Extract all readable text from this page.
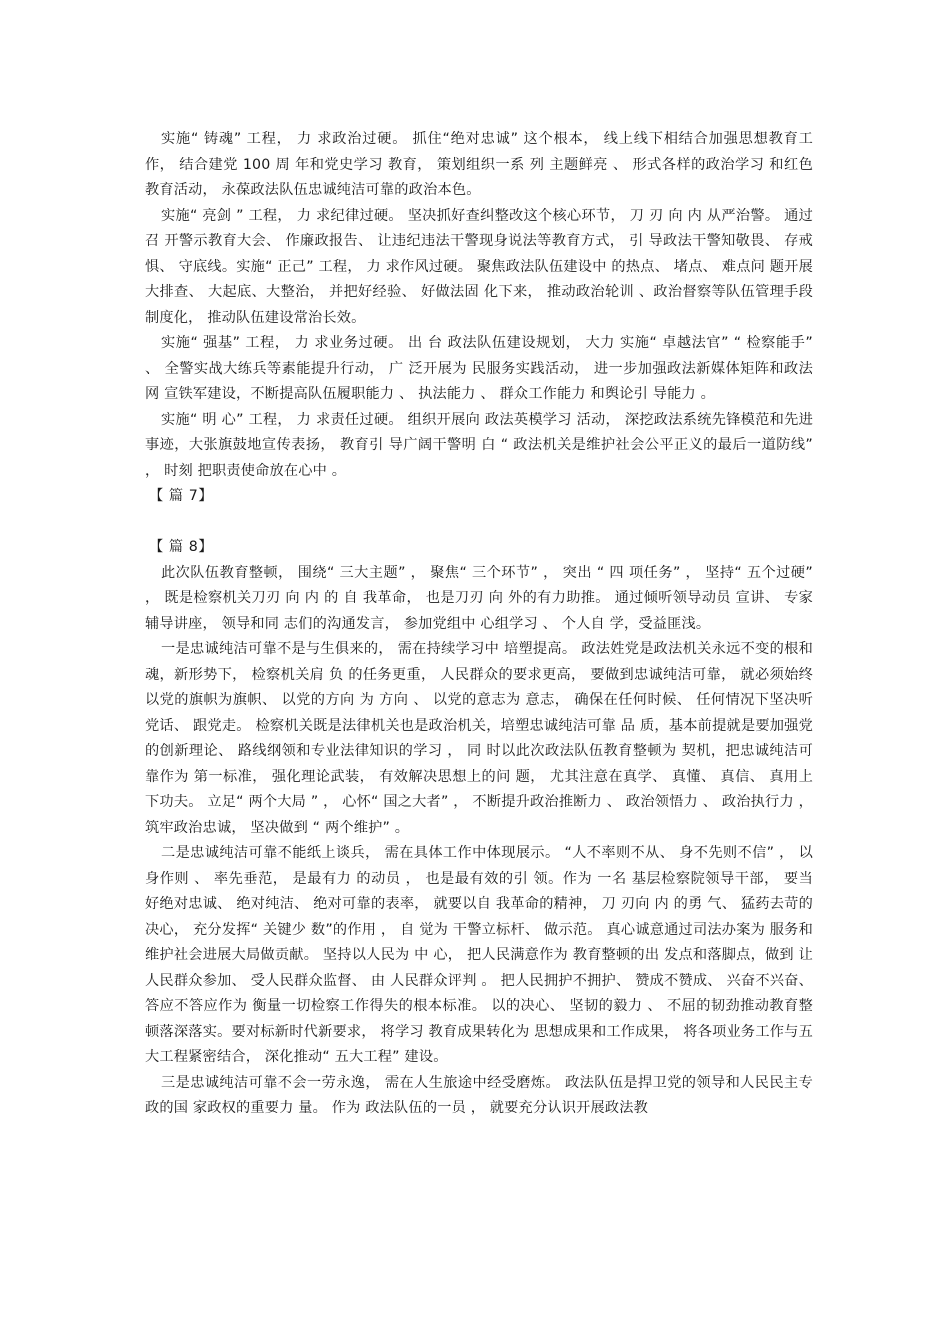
实施“ 铸魂” 工程， 力 求政治过硬。 抓住“绝对忠诚” 这个根本， 线上线下相结合加强思想教育工作， 结合建党 100 周 年和党史学习 教育， 策划组织一系 列 主题鲜亮 、 形式各样的政治学习 和红色教育活动， 永葆政法队伍忠诚纯洁可靠的政治本色。

实施“ 亮剑 ” 工程， 力 求纪律过硬。 坚决抓好查纠整改这个核心环节， 刀 刃 向 内 从严治警。 通过召 开警示教育大会、 作廉政报告、 让违纪违法干警现身说法等教育方式， 引 导政法干警知敬畏、 存戒惧、 守底线。实施“ 正己” 工程， 力 求作风过硬。 聚焦政法队伍建设中 的热点、 堵点、 难点问 题开展大排查、 大起底、大整治， 并把好经验、 好做法固 化下来， 推动政治轮训 、政治督察等队伍管理手段制度化， 推动队伍建设常治长效。

实施“ 强基” 工程， 力 求业务过硬。 出 台 政法队伍建设规划， 大力 实施“ 卓越法官” “ 检察能手” 、 全警实战大练兵等素能提升行动， 广 泛开展为 民服务实践活动， 进一步加强政法新媒体矩阵和政法网 宣铁军建设，不断提高队伍履职能力 、 执法能力 、 群众工作能力 和舆论引 导能力 。

实施“ 明 心” 工程， 力 求责任过硬。 组织开展向 政法英模学习 活动， 深挖政法系统先锋模范和先进事迹，大张旗鼓地宣传表扬， 教育引 导广阔干警明 白 “ 政法机关是维护社会公平正义的最后一道防线” ， 时刻 把职责使命放在心中 。

【 篇 7】

【 篇 8】

此次队伍教育整顿， 围绕“ 三大主题” ， 聚焦“ 三个环节” ， 突出 “ 四 项任务” ， 坚持“ 五个过硬” ， 既是检察机关刀刃 向 内 的 自 我革命， 也是刀刃 向 外的有力助推。 通过倾听领导动员 宣讲、 专家辅导讲座， 领导和同 志们的沟通发言， 参加党组中 心组学习 、 个人自 学，受益匪浅。

一是忠诚纯洁可靠不是与生俱来的， 需在持续学习中 培塑提高。 政法姓党是政法机关永远不变的根和魂，新形势下， 检察机关肩 负 的任务更重， 人民群众的要求更高， 要做到忠诚纯洁可靠， 就必须始终以党的旗帜为旗帜、 以党的方向 为 方向 、 以党的意志为 意志， 确保在任何时候、 任何情况下坚决听党话、 跟党走。 检察机关既是法律机关也是政治机关，培塑忠诚纯洁可靠 品 质，基本前提就是要加强党的创新理论、 路线纲领和专业法律知识的学习 ， 同 时以此次政法队伍教育整顿为 契机，把忠诚纯洁可靠作为 第一标准， 强化理论武装， 有效解决思想上的问 题， 尤其注意在真学、 真懂、 真信、 真用上下功夫。 立足“ 两个大局 ” ， 心怀“ 国之大者” ， 不断提升政治推断力 、 政治领悟力 、 政治执行力 ， 筑牢政治忠诚， 坚决做到 “ 两个维护” 。

二是忠诚纯洁可靠不能纸上谈兵， 需在具体工作中体现展示。 “人不率则不从、 身不先则不信” ， 以身作则 、 率先垂范， 是最有力 的动员 ， 也是最有效的引 领。作为 一名 基层检察院领导干部， 要当 好绝对忠诚、 绝对纯洁、 绝对可靠的表率， 就要以自 我革命的精神， 刀 刃向 内 的勇 气、 猛药去苛的决心， 充分发挥“ 关键少 数”的作用 ， 自 觉为 干警立标杆、 做示范。 真心诚意通过司法办案为 服务和维护社会进展大局做贡献。 坚持以人民为 中 心， 把人民满意作为 教育整顿的出 发点和落脚点，做到 让人民群众参加、 受人民群众监督、 由 人民群众评判 。 把人民拥护不拥护、 赞成不赞成、 兴奋不兴奋、 答应不答应作为 衡量一切检察工作得失的根本标准。 以的决心、 坚韧的毅力 、 不屈的韧劲推动教育整顿落深落实。要对标新时代新要求， 将学习 教育成果转化为 思想成果和工作成果， 将各项业务工作与五大工程紧密结合， 深化推动“ 五大工程” 建设。

三是忠诚纯洁可靠不会一劳永逸， 需在人生旅途中经受磨炼。 政法队伍是捍卫党的领导和人民民主专政的国 家政权的重要力 量。 作为 政法队伍的一员 ， 就要充分认识开展政法教
